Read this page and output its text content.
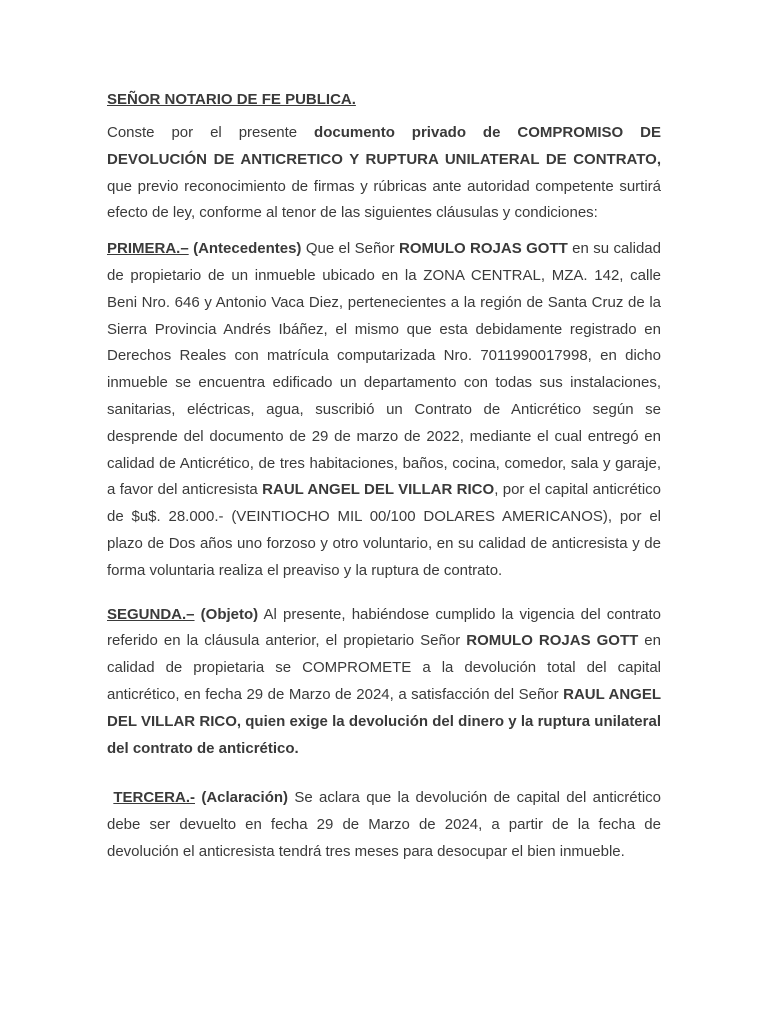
SEÑOR NOTARIO DE FE PUBLICA.

Conste por el presente documento privado de COMPROMISO DE DEVOLUCIÓN DE ANTICRETICO Y RUPTURA UNILATERAL DE CONTRATO, que previo reconocimiento de firmas y rúbricas ante autoridad competente surtirá efecto de ley, conforme al tenor de las siguientes cláusulas y condiciones:

PRIMERA.– (Antecedentes) Que el Señor ROMULO ROJAS GOTT en su calidad de propietario de un inmueble ubicado en la ZONA CENTRAL, MZA. 142, calle Beni Nro. 646 y Antonio Vaca Diez, pertenecientes a la región de Santa Cruz de la Sierra Provincia Andrés Ibáñez, el mismo que esta debidamente registrado en Derechos Reales con matrícula computarizada Nro. 7011990017998, en dicho inmueble se encuentra edificado un departamento con todas sus instalaciones, sanitarias, eléctricas, agua, suscribió un Contrato de Anticrético según se desprende del documento de 29 de marzo de 2022, mediante el cual entregó en calidad de Anticrético, de tres habitaciones, baños, cocina, comedor, sala y garaje, a favor del anticresista RAUL ANGEL DEL VILLAR RICO, por el capital anticrético de $u$. 28.000.- (VEINTIOCHO MIL 00/100 DOLARES AMERICANOS), por el plazo de Dos años uno forzoso y otro voluntario, en su calidad de anticresista y de forma voluntaria realiza el preaviso y la ruptura de contrato.

SEGUNDA.– (Objeto) Al presente, habiéndose cumplido la vigencia del contrato referido en la cláusula anterior, el propietario Señor ROMULO ROJAS GOTT en calidad de propietaria se COMPROMETE a la devolución total del capital anticrético, en fecha 29 de Marzo de 2024, a satisfacción del Señor RAUL ANGEL DEL VILLAR RICO, quien exige la devolución del dinero y la ruptura unilateral del contrato de anticrético.

TERCERA.- (Aclaración) Se aclara que la devolución de capital del anticrético debe ser devuelto en fecha 29 de Marzo de 2024, a partir de la fecha de devolución el anticresista tendrá tres meses para desocupar el bien inmueble.
